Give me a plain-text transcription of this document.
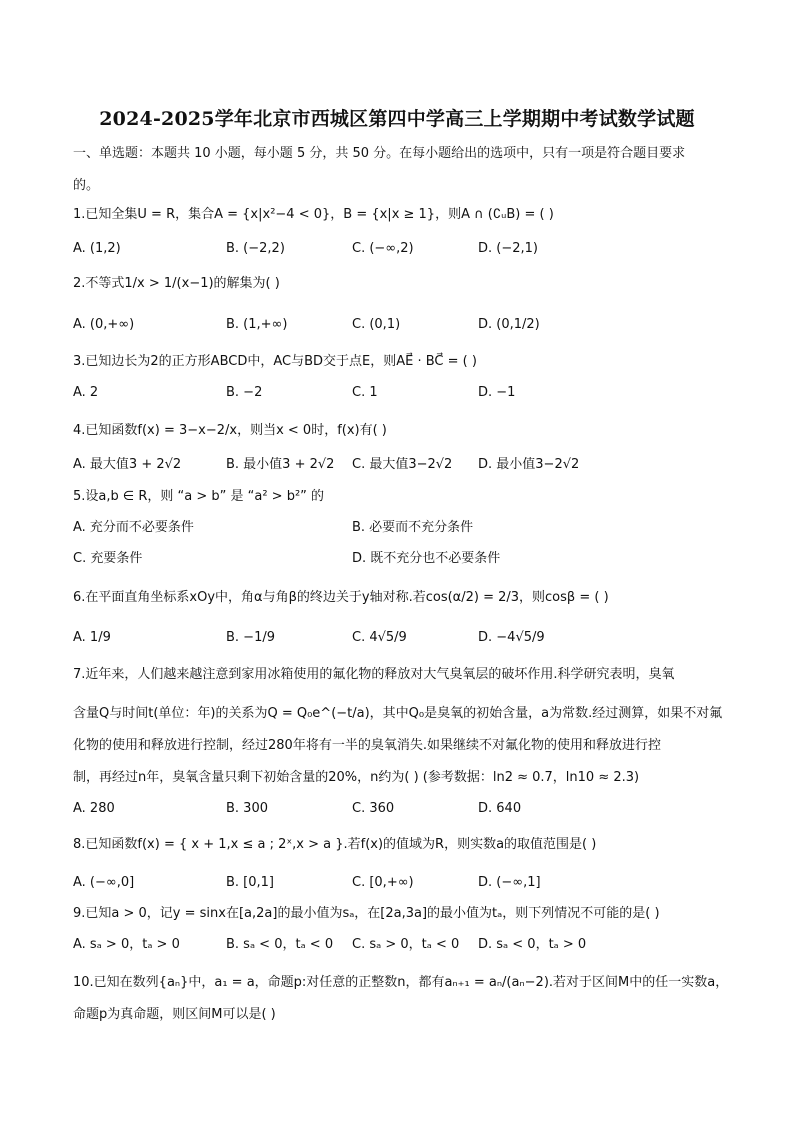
2024-2025学年北京市西城区第四中学高三上学期期中考试数学试题
一、单选题：本题共 10 小题，每小题 5 分，共 50 分。在每小题给出的选项中，只有一项是符合题目要求
的。
1.已知全集U = R，集合A = {x|x²−4 < 0}，B = {x|x ≥ 1}，则A ∩ (∁ᵤB) = ( )
A. (1,2)	B. (−2,2)	C. (−∞,2)	D. (−2,1)
2.不等式1/x > 1/(x−1)的解集为( )
A. (0,+∞)	B. (1,+∞)	C. (0,1)	D. (0,1/2)
3.已知边长为2的正方形ABCD中，AC与BD交于点E，则AE⃗ · BC⃗ = ( )
A. 2	B. −2	C. 1	D. −1
4.已知函数f(x) = 3−x−2/x，则当x < 0时，f(x)有( )
A. 最大值3 + 2√2	B. 最小值3 + 2√2 C. 最大值3−2√2 D. 最小值3−2√2
5.设a,b ∈ R，则 “a > b” 是 “a² > b²” 的
A. 充分而不必要条件	B. 必要而不充分条件
C. 充要条件	D. 既不充分也不必要条件
6.在平面直角坐标系xOy中，角α与角β的终边关于y轴对称.若cos(α/2) = 2/3，则cosβ = ( )
A. 1/9	B. −1/9	C. 4√5/9	D. −4√5/9
7.近年来，人们越来越注意到家用冰箱使用的氟化物的释放对大气臭氧层的破坏作用.科学研究表明，臭氧
含量Q与时间t(单位：年)的关系为Q = Q₀e^(−t/a)，其中Q₀是臭氧的初始含量，a为常数.经过测算，如果不对氟
化物的使用和释放进行控制，经过280年将有一半的臭氧消失.如果继续不对氟化物的使用和释放进行控
制，再经过n年，臭氧含量只剩下初始含量的20%，n约为( ) (参考数据：ln2 ≈ 0.7，ln10 ≈ 2.3)
A. 280	B. 300	C. 360	D. 640
8.已知函数f(x) = { x + 1,x ≤ a ; 2ˣ,x > a }.若f(x)的值域为R，则实数a的取值范围是( )
A. (−∞,0]	B. [0,1]	C. [0,+∞)	D. (−∞,1]
9.已知a > 0，记y = sinx在[a,2a]的最小值为sₐ，在[2a,3a]的最小值为tₐ，则下列情况不可能的是( )
A. sₐ > 0，tₐ > 0	B. sₐ < 0，tₐ < 0 C. sₐ > 0，tₐ < 0 D. sₐ < 0，tₐ > 0
10.已知在数列{aₙ}中，a₁ = a，命题p:对任意的正整数n，都有aₙ₊₁ = aₙ/(aₙ−2).若对于区间M中的任一实数a，
命题p为真命题，则区间M可以是( )
